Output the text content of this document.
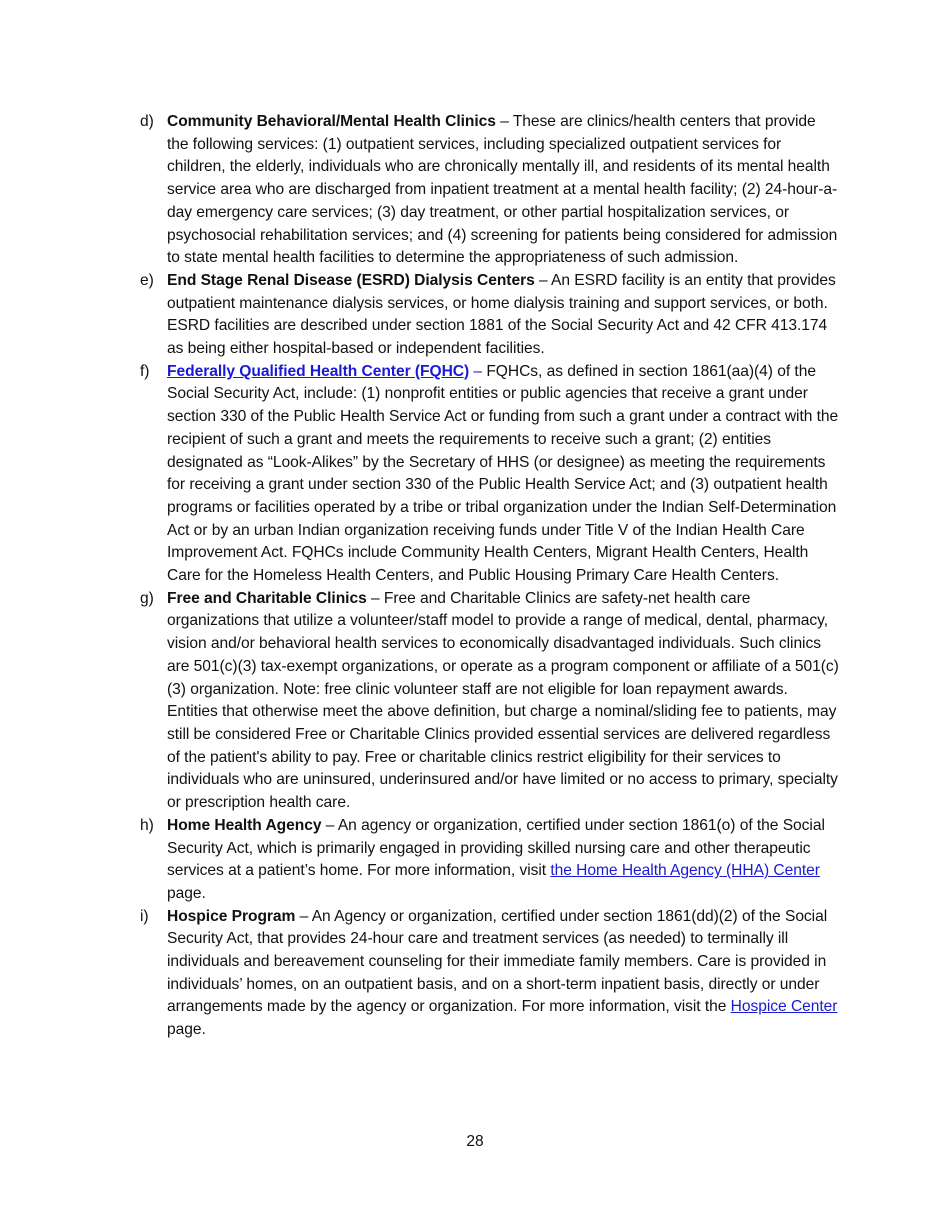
d) Community Behavioral/Mental Health Clinics – These are clinics/health centers that provide the following services: (1) outpatient services, including specialized outpatient services for children, the elderly, individuals who are chronically mentally ill, and residents of its mental health service area who are discharged from inpatient treatment at a mental health facility; (2) 24-hour-a-day emergency care services; (3) day treatment, or other partial hospitalization services, or psychosocial rehabilitation services; and (4) screening for patients being considered for admission to state mental health facilities to determine the appropriateness of such admission.
e) End Stage Renal Disease (ESRD) Dialysis Centers – An ESRD facility is an entity that provides outpatient maintenance dialysis services, or home dialysis training and support services, or both. ESRD facilities are described under section 1881 of the Social Security Act and 42 CFR 413.174 as being either hospital-based or independent facilities.
f)	Federally Qualified Health Center (FQHC) – FQHCs, as defined in section 1861(aa)(4) of the Social Security Act, include: (1) nonprofit entities or public agencies that receive a grant under section 330 of the Public Health Service Act or funding from such a grant under a contract with the recipient of such a grant and meets the requirements to receive such a grant; (2) entities designated as “Look-Alikes” by the Secretary of HHS (or designee) as meeting the requirements for receiving a grant under section 330 of the Public Health Service Act; and (3) outpatient health programs or facilities operated by a tribe or tribal organization under the Indian Self-Determination Act or by an urban Indian organization receiving funds under Title V of the Indian Health Care Improvement Act. FQHCs include Community Health Centers, Migrant Health Centers, Health Care for the Homeless Health Centers, and Public Housing Primary Care Health Centers.
g) Free and Charitable Clinics – Free and Charitable Clinics are safety-net health care organizations that utilize a volunteer/staff model to provide a range of medical, dental, pharmacy, vision and/or behavioral health services to economically disadvantaged individuals. Such clinics are 501(c)(3) tax-exempt organizations, or operate as a program component or affiliate of a 501(c)(3) organization. Note: free clinic volunteer staff are not eligible for loan repayment awards. Entities that otherwise meet the above definition, but charge a nominal/sliding fee to patients, may still be considered Free or Charitable Clinics provided essential services are delivered regardless of the patient's ability to pay. Free or charitable clinics restrict eligibility for their services to individuals who are uninsured, underinsured and/or have limited or no access to primary, specialty or prescription health care.
h) Home Health Agency – An agency or organization, certified under section 1861(o) of the Social Security Act, which is primarily engaged in providing skilled nursing care and other therapeutic services at a patient’s home. For more information, visit the Home Health Agency (HHA) Center page.
i)	Hospice Program – An Agency or organization, certified under section 1861(dd)(2) of the Social Security Act, that provides 24-hour care and treatment services (as needed) to terminally ill individuals and bereavement counseling for their immediate family members. Care is provided in individuals’ homes, on an outpatient basis, and on a short-term inpatient basis, directly or under arrangements made by the agency or organization. For more information, visit the Hospice Center page.
28
